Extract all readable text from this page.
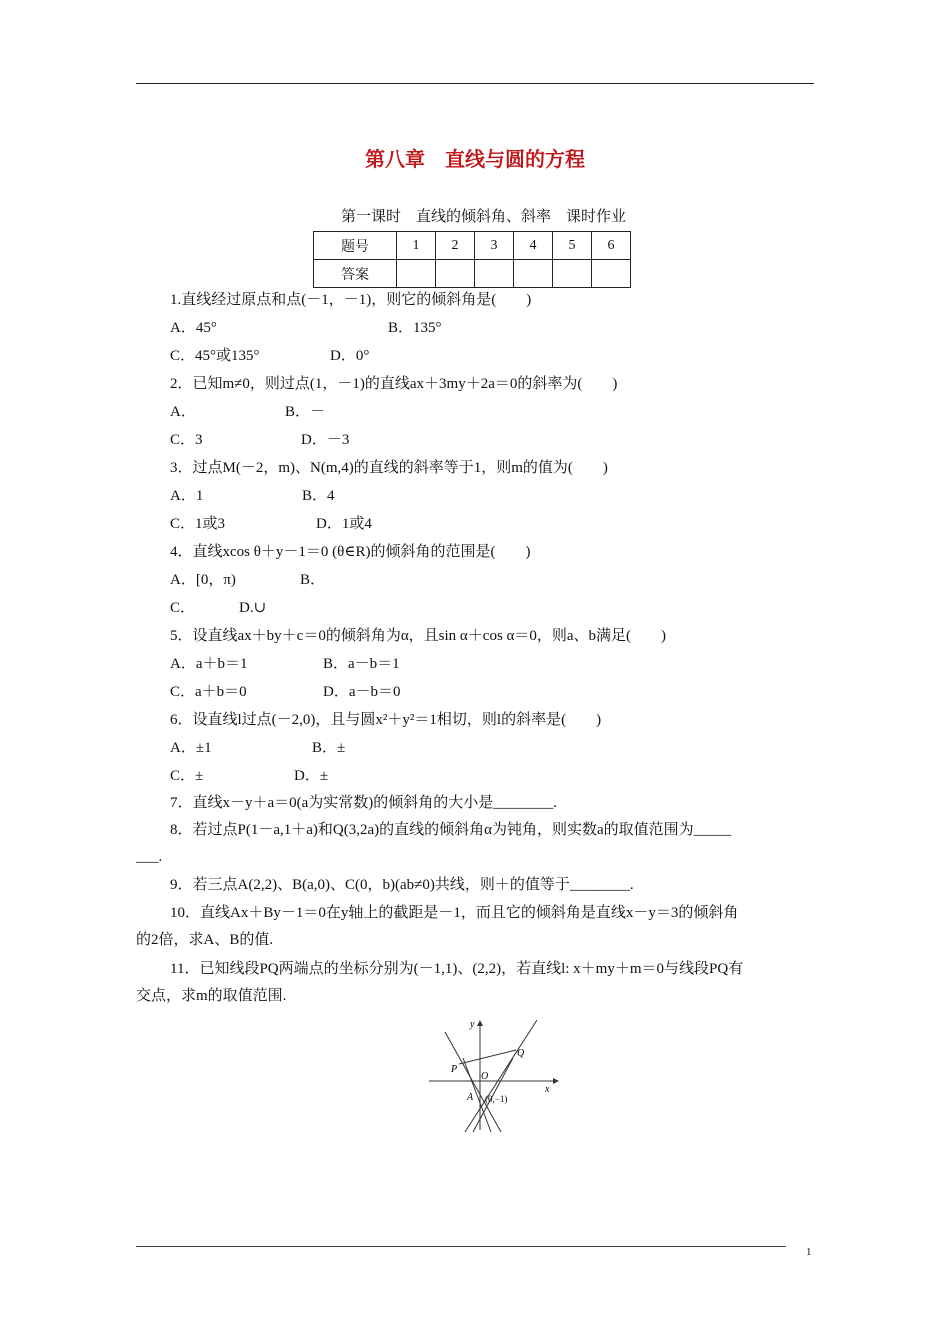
第八章　直线与圆的方程
第一课时　直线的倾斜角、斜率　课时作业
题号	1	2	3	4	5	6
答案						
1.直线经过原点和点(－1，－1)，则它的倾斜角是(　　)
A．45°	B．135°
C．45°或135°	D．0°
2．已知m≠0，则过点(1，－1)的直线ax＋3my＋2a＝0的斜率为(　　)
A．	B．－
C．3	D．－3
3．过点M(－2，m)、N(m,4)的直线的斜率等于1，则m的值为(　　)
A．1	B．4
C．1或3	D．1或4
4．直线xcos θ＋y－1＝0 (θ∈R)的倾斜角的范围是(　　)
A．[0，π)	B．
C．	D.∪
5．设直线ax＋by＋c＝0的倾斜角为α，且sin α＋cos α＝0，则a、b满足(　　)
A．a＋b＝1	B．a－b＝1
C．a＋b＝0	D．a－b＝0
6．设直线l过点(－2,0)，且与圆x²＋y²＝1相切，则l的斜率是(　　)
A．±1	B．±
C．±	D．±
7．直线x－y＋a＝0(a为实常数)的倾斜角的大小是________.
8．若过点P(1－a,1＋a)和Q(3,2a)的直线的倾斜角α为钝角，则实数a的取值范围为_____
___.
9．若三点A(2,2)、B(a,0)、C(0，b)(ab≠0)共线，则＋的值等于________.
10．直线Ax＋By－1＝0在y轴上的截距是－1，而且它的倾斜角是直线x－y＝3的倾斜角
的2倍，求A、B的值.
11．已知线段PQ两端点的坐标分别为(－1,1)、(2,2)，若直线l: x＋my＋m＝0与线段PQ有
交点，求m的取值范围.
y
x
P
Q
O
A (0,−1)
1
